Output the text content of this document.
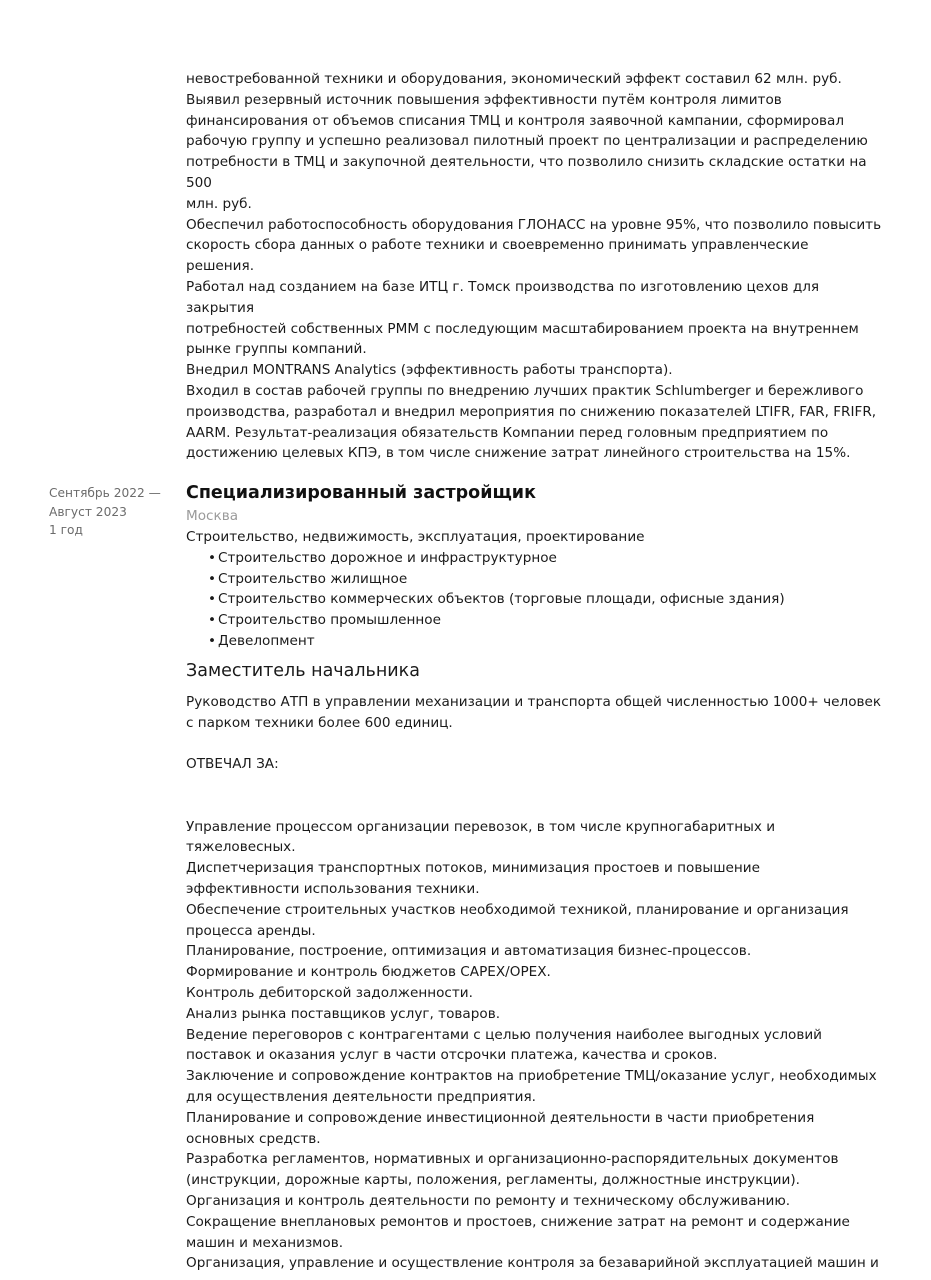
невостребованной техники и оборудования, экономический эффект составил 62 млн. руб.
Выявил резервный источник повышения эффективности путём контроля лимитов
финансирования от объемов списания ТМЦ и контроля заявочной кампании, сформировал
рабочую группу и успешно реализовал пилотный проект по централизации и распределению
потребности в ТМЦ и закупочной деятельности, что позволило снизить складские остатки на 500
млн. руб.
Обеспечил работоспособность оборудования ГЛОНАСС на уровне 95%, что позволило повысить
скорость сбора данных о работе техники и своевременно принимать управленческие
решения.
Работал над созданием на базе ИТЦ г. Томск производства по изготовлению цехов для закрытия
потребностей собственных РММ с последующим масштабированием проекта на внутреннем
рынке группы компаний.
Внедрил MONTRANS Analytics (эффективность работы транспорта).
Входил в состав рабочей группы по внедрению лучших практик Schlumberger и бережливого
производства, разработал и внедрил мероприятия по снижению показателей LTIFR, FAR, FRIFR,
AARM. Результат-реализация обязательств Компании перед головным предприятием по
достижению целевых КПЭ, в том числе снижение затрат линейного строительства на 15%.
Сентябрь 2022 —
Август 2023
1 год
Специализированный застройщик

Москва

Строительство, недвижимость, эксплуатация, проектирование

• Строительство дорожное и инфраструктурное
• Строительство жилищное
• Строительство коммерческих объектов (торговые площади, офисные здания)
• Строительство промышленное
• Девелопмент
Заместитель начальника
Руководство АТП в управлении механизации и транспорта общей численностью 1000+ человек
с парком техники более 600 единиц.
ОТВЕЧАЛ ЗА:
Управление процессом организации перевозок, в том числе крупногабаритных и
тяжеловесных.
Диспетчеризация транспортных потоков, минимизация простоев и повышение
эффективности использования техники.
Обеспечение строительных участков необходимой техникой, планирование и организация
процесса аренды.
Планирование, построение, оптимизация и автоматизация бизнес-процессов.
Формирование и контроль бюджетов CAPEX/OPEX.
Контроль дебиторской задолженности.
Анализ рынка поставщиков услуг, товаров.
Ведение переговоров с контрагентами с целью получения наиболее выгодных условий
поставок и оказания услуг в части отсрочки платежа, качества и сроков.
Заключение и сопровождение контрактов на приобретение ТМЦ/оказание услуг, необходимых
для осуществления деятельности предприятия.
Планирование и сопровождение инвестиционной деятельности в части приобретения
основных средств.
Разработка регламентов, нормативных и организационно-распорядительных документов
(инструкции, дорожные карты, положения, регламенты, должностные инструкции).
Организация и контроль деятельности по ремонту и техническому обслуживанию.
Сокращение внеплановых ремонтов и простоев, снижение затрат на ремонт и содержание
машин и механизмов.
Организация, управление и осуществление контроля за безаварийной эксплуатацией машин и
